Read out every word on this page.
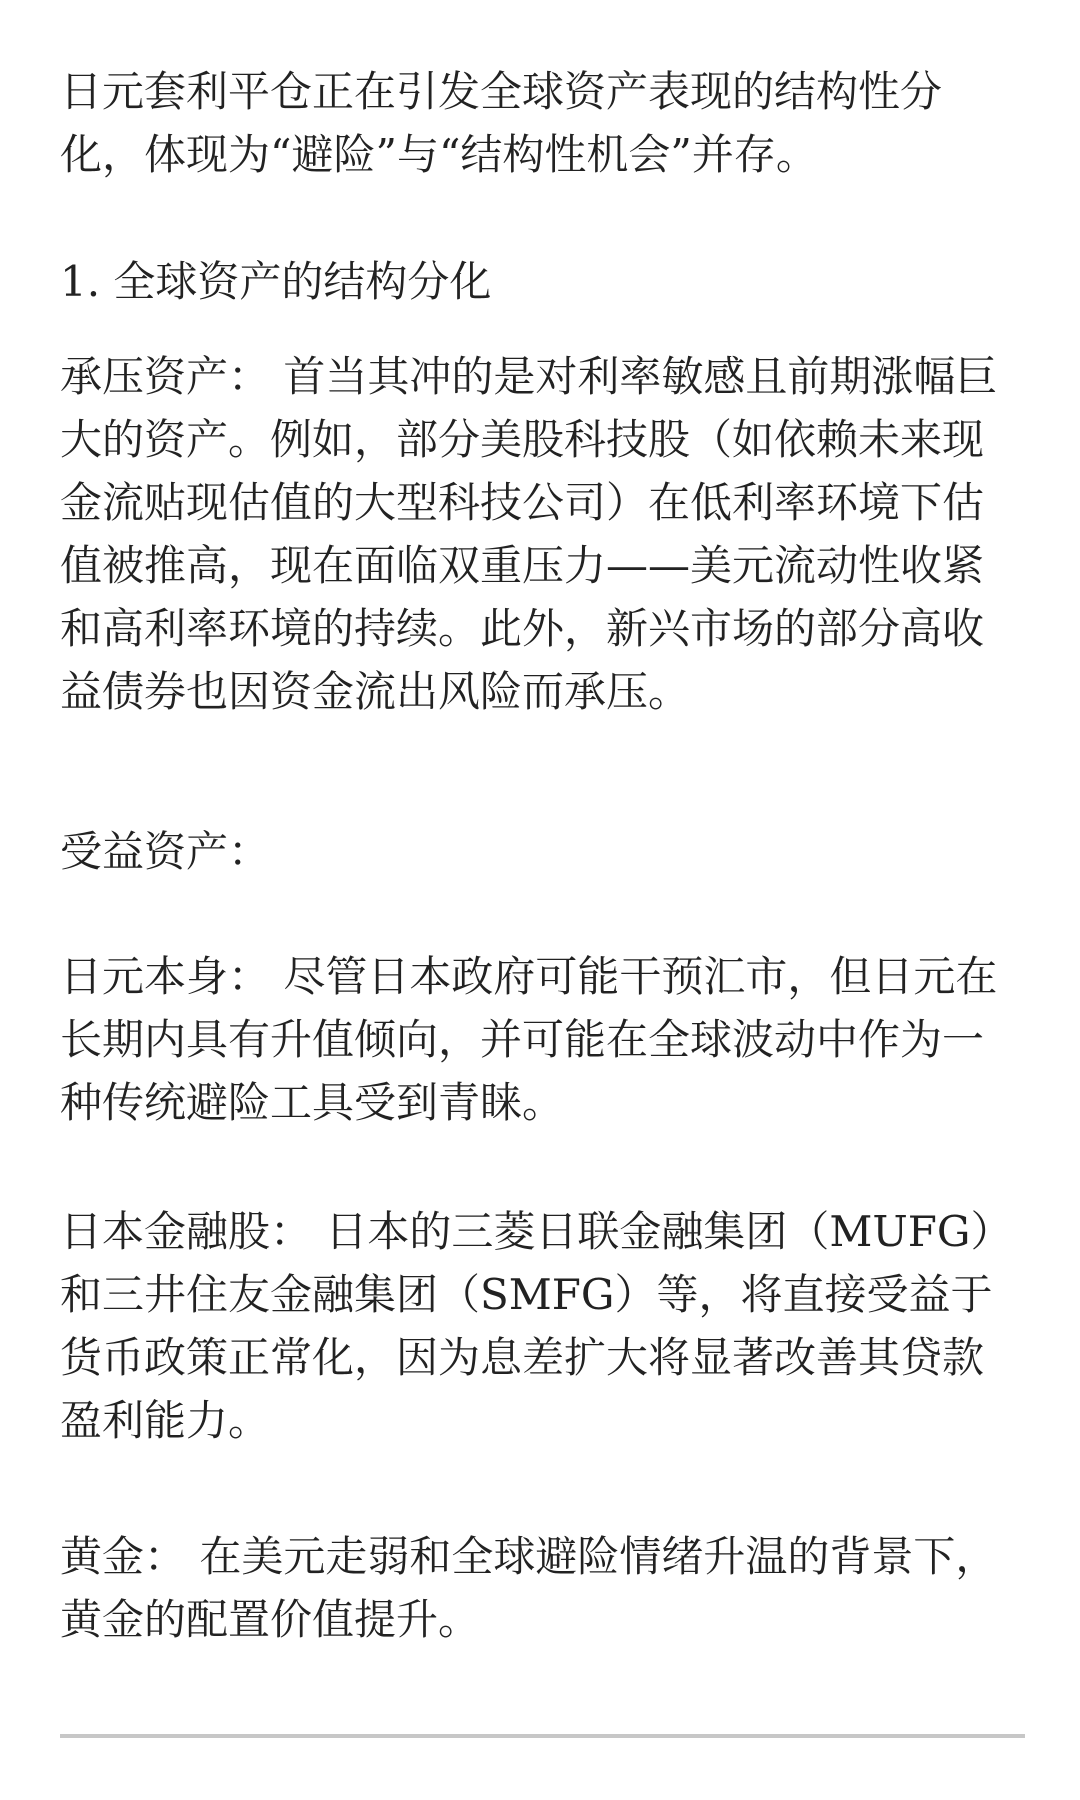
日元套利平仓正在引发全球资产表现的结构性分化，体现为“避险”与“结构性机会”并存。

1. 全球资产的结构分化

承压资产： 首当其冲的是对利率敏感且前期涨幅巨大的资产。例如，部分美股科技股（如依赖未来现金流贴现估值的大型科技公司）在低利率环境下估值被推高，现在面临双重压力——美元流动性收紧和高利率环境的持续。此外，新兴市场的部分高收益债券也因资金流出风险而承压。

受益资产：

日元本身： 尽管日本政府可能干预汇市，但日元在长期内具有升值倾向，并可能在全球波动中作为一种传统避险工具受到青睐。

日本金融股： 日本的三菱日联金融集团（MUFG）和三井住友金融集团（SMFG）等，将直接受益于货币政策正常化，因为息差扩大将显著改善其贷款盈利能力。

黄金： 在美元走弱和全球避险情绪升温的背景下，黄金的配置价值提升。
